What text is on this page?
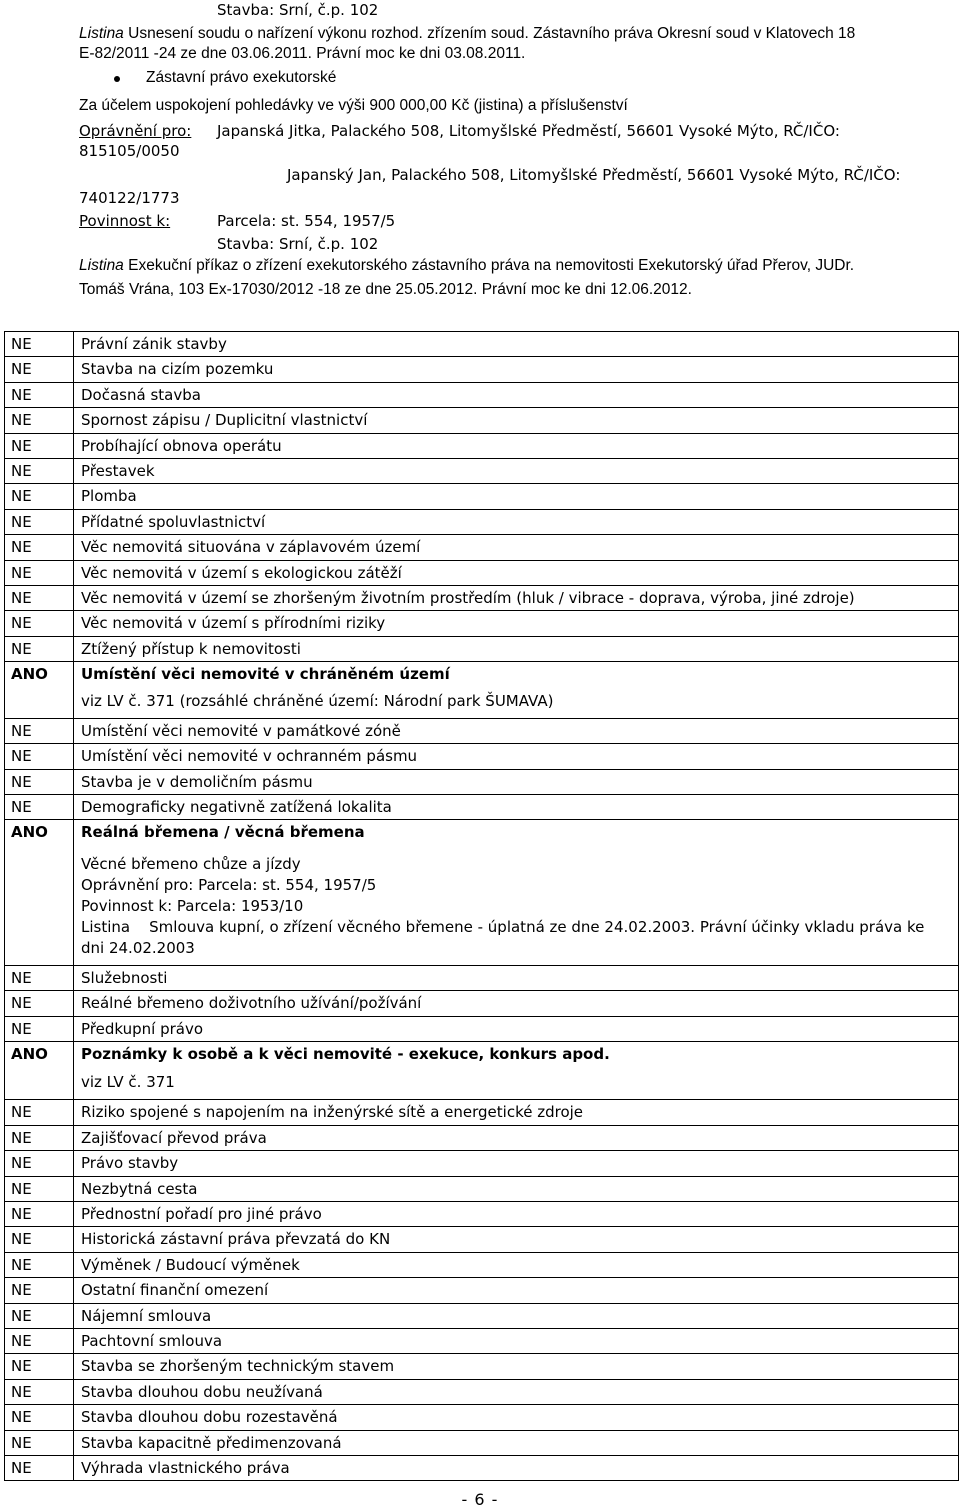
Stavba: Srní, č.p. 102
Listina Usnesení soudu o nařízení výkonu rozhod. zřízením soud. Zástavního práva Okresní soud v Klatovech 18
E-82/2011 -24 ze dne 03.06.2011. Právní moc ke dni 03.08.2011.
Zástavní právo exekutorské
Za účelem uspokojení pohledávky ve výši 900 000,00 Kč (jistina) a příslušenství
Oprávnění pro: Japanská Jitka, Palackého 508, Litomyšlské Předměstí, 56601 Vysoké Mýto, RČ/IČO:
815105/0050
Japanský Jan, Palackého 508, Litomyšlské Předměstí, 56601 Vysoké Mýto, RČ/IČO:
740122/1773
Povinnost k:	Parcela: st. 554, 1957/5
Stavba: Srní, č.p. 102
Listina Exekuční příkaz o zřízení exekutorského zástavního práva na nemovitosti Exekutorský úřad Přerov, JUDr.
Tomáš Vrána, 103 Ex-17030/2012 -18 ze dne 25.05.2012. Právní moc ke dni 12.06.2012.
NE	Právní zánik stavby
NE	Stavba na cizím pozemku
NE	Dočasná stavba
NE	Spornost zápisu / Duplicitní vlastnictví
NE	Probíhající obnova operátu
NE	Přestavek
NE	Plomba
NE	Přídatné spoluvlastnictví
NE	Věc nemovitá situována v záplavovém území
NE	Věc nemovitá v území s ekologickou zátěží
NE	Věc nemovitá v území se zhoršeným životním prostředím (hluk / vibrace - doprava, výroba, jiné zdroje)
NE	Věc nemovitá v území s přírodními riziky
NE	Ztížený přístup k nemovitosti
ANO	Umístění věci nemovité v chráněném území
viz LV č. 371 (rozsáhlé chráněné území: Národní park ŠUMAVA)

NE	Umístění věci nemovité v památkové zóně
NE	Umístění věci nemovité v ochranném pásmu
NE	Stavba je v demoličním pásmu
NE	Demograficky negativně zatížená lokalita
ANO	Reálná břemena / věcná břemena
Věcné břemeno chůze a jízdy
Oprávnění pro: Parcela: st. 554, 1957/5
Povinnost k: Parcela: 1953/10
Listina    Smlouva kupní, o zřízení věcného břemene - úplatná ze dne 24.02.2003. Právní účinky vkladu práva ke dni 24.02.2003

NE	Služebnosti
NE	Reálné břemeno doživotního užívání/požívání
NE	Předkupní právo
ANO	Poznámky k osobě a k věci nemovité - exekuce, konkurs apod.
viz LV č. 371

NE	Riziko spojené s napojením na inženýrské sítě a energetické zdroje
NE	Zajišťovací převod práva
NE	Právo stavby
NE	Nezbytná cesta
NE	Přednostní pořadí pro jiné právo
NE	Historická zástavní práva převzatá do KN
NE	Výměnek / Budoucí výměnek
NE	Ostatní finanční omezení
NE	Nájemní smlouva
NE	Pachtovní smlouva
NE	Stavba se zhoršeným technickým stavem
NE	Stavba dlouhou dobu neužívaná
NE	Stavba dlouhou dobu rozestavěná
NE	Stavba kapacitně předimenzovaná
NE	Výhrada vlastnického práva
- 6 -
